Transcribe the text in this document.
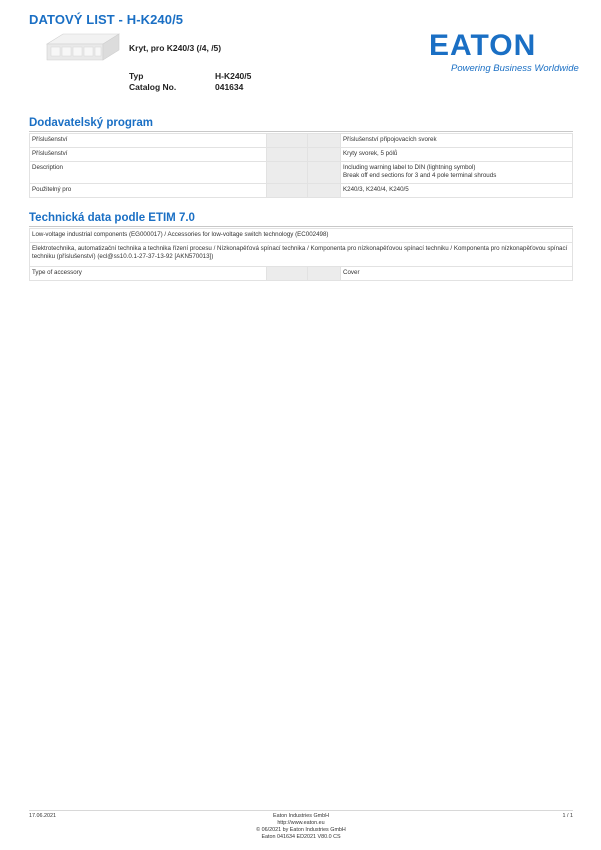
DATOVÝ LIST - H-K240/5
Kryt, pro K240/3 (/4, /5)
Typ	H-K240/5
Catalog No.	041634
EATON
Powering Business Worldwide
Dodavatelský program
Příslušenství			Příslušenství připojovacích svorek
Příslušenství			Kryty svorek, 5 pólů
Description			Including warning label to DIN (lightning symbol)
Break off end sections for 3 and 4 pole terminal shrouds

Použitelný pro			K240/3, K240/4, K240/5
Technická data podle ETIM 7.0
Low-voltage industrial components (EG000017) / Accessories for low-voltage switch technology (EC002498)
Elektrotechnika, automatizační technika a technika řízení procesu / Nízkonapěťová spínací technika / Komponenta pro nízkonapěťovou spínací techniku / Komponenta pro nízkonapěťovou spínací techniku (příslušenství) (ecl@ss10.0.1-27-37-13-92 [AKN570013])
Type of accessory			Cover
17.06.2021	Eaton Industries GmbH
http://www.eaton.eu
© 06/2021 by Eaton Industries GmbH
Eaton 041634 ED2021 V80.0 CS
1 / 1
